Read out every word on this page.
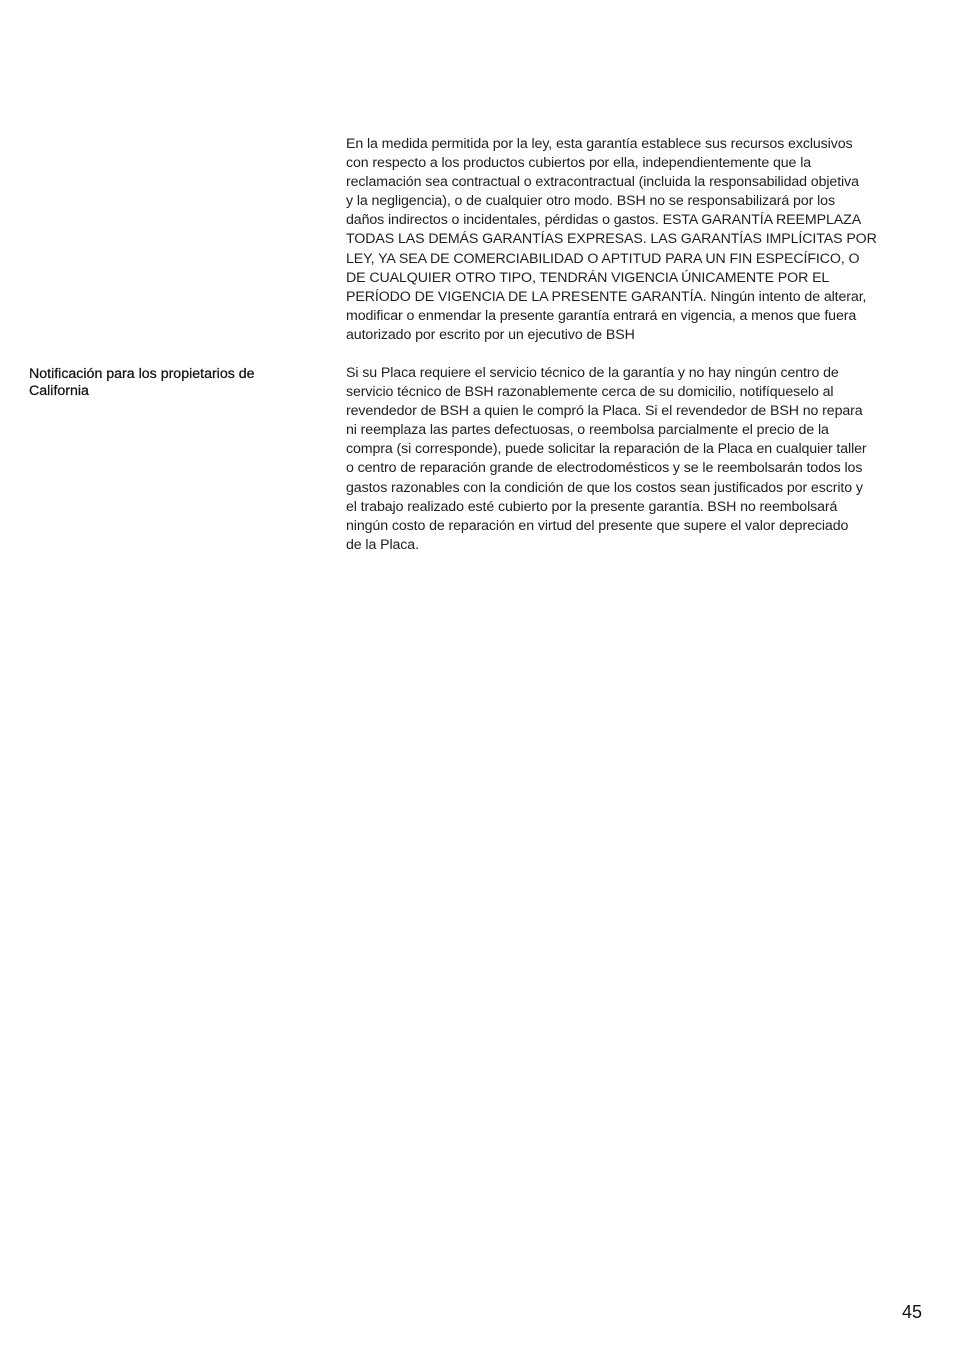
En la medida permitida por la ley, esta garantía establece sus recursos exclusivos
con respecto a los productos cubiertos por ella, independientemente que la
reclamación sea contractual o extracontractual (incluida la responsabilidad objetiva
y la negligencia), o de cualquier otro modo. BSH no se responsabilizará por los
daños indirectos o incidentales, pérdidas o gastos. ESTA GARANTÍA REEMPLAZA
TODAS LAS DEMÁS GARANTÍAS EXPRESAS. LAS GARANTÍAS IMPLÍCITAS POR
LEY, YA SEA DE COMERCIABILIDAD O APTITUD PARA UN FIN ESPECÍFICO, O
DE CUALQUIER OTRO TIPO, TENDRÁN VIGENCIA ÚNICAMENTE POR EL
PERÍODO DE VIGENCIA DE LA PRESENTE GARANTÍA. Ningún intento de alterar,
modificar o enmendar la presente garantía entrará en vigencia, a menos que fuera
autorizado por escrito por un ejecutivo de BSH
Notificación para los propietarios de
California
Si su Placa requiere el servicio técnico de la garantía y no hay ningún centro de
servicio técnico de BSH razonablemente cerca de su domicilio, notifíqueselo al
revendedor de BSH a quien le compró la Placa. Si el revendedor de BSH no repara
ni reemplaza las partes defectuosas, o reembolsa parcialmente el precio de la
compra (si corresponde), puede solicitar la reparación de la Placa en cualquier taller
o centro de reparación grande de electrodomésticos y se le reembolsarán todos los
gastos razonables con la condición de que los costos sean justificados por escrito y
el trabajo realizado esté cubierto por la presente garantía. BSH no reembolsará
ningún costo de reparación en virtud del presente que supere el valor depreciado
de la Placa.
45
